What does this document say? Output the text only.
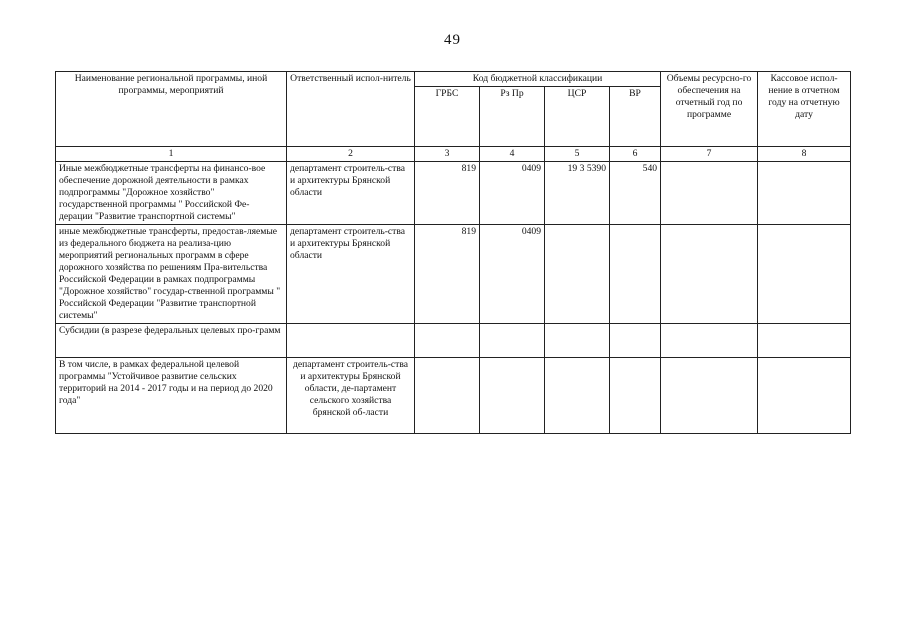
49
Наименование региональной программы, иной программы, мероприятий	Ответственный испол-нитель	Код бюджетной классификации				Объемы ресурсно-го обеспечения на отчетный год по программе	Кассовое испол-нение в отчетном году на отчетную дату
		ГРБС	Рз Пр	ЦСР	ВР		
1	2	3	4	5	6	7	8
Иные межбюджетные трансферты на финансо-вое обеспечение дорожной деятельности в рамках подпрограммы "Дорожное хозяйство" государственной программы " Российской Фе-дерации "Развитие транспортной системы"	департамент строитель-ства и архитектуры Брянской области	819	0409	19 3 5390	540		
иные межбюджетные трансферты, предостав-ляемые из федерального бюджета на реализа-цию мероприятий региональных программ в сфере дорожного хозяйства по решениям Пра-вительства Российской Федерации в рамках подпрограммы "Дорожное хозяйство" государ-ственной программы " Российской Федерации "Развитие транспортной системы"	департамент строитель-ства и архитектуры Брянской области	819	0409				
Субсидии (в разрезе федеральных целевых про-грамм							
В том числе, в рамках федеральной целевой программы "Устойчивое развитие сельских территорий на 2014 - 2017 годы и на период до 2020 года"	департамент строитель-ства и архитектуры Брянской области, де-партамент сельского хозяйства брянской об-ласти						
